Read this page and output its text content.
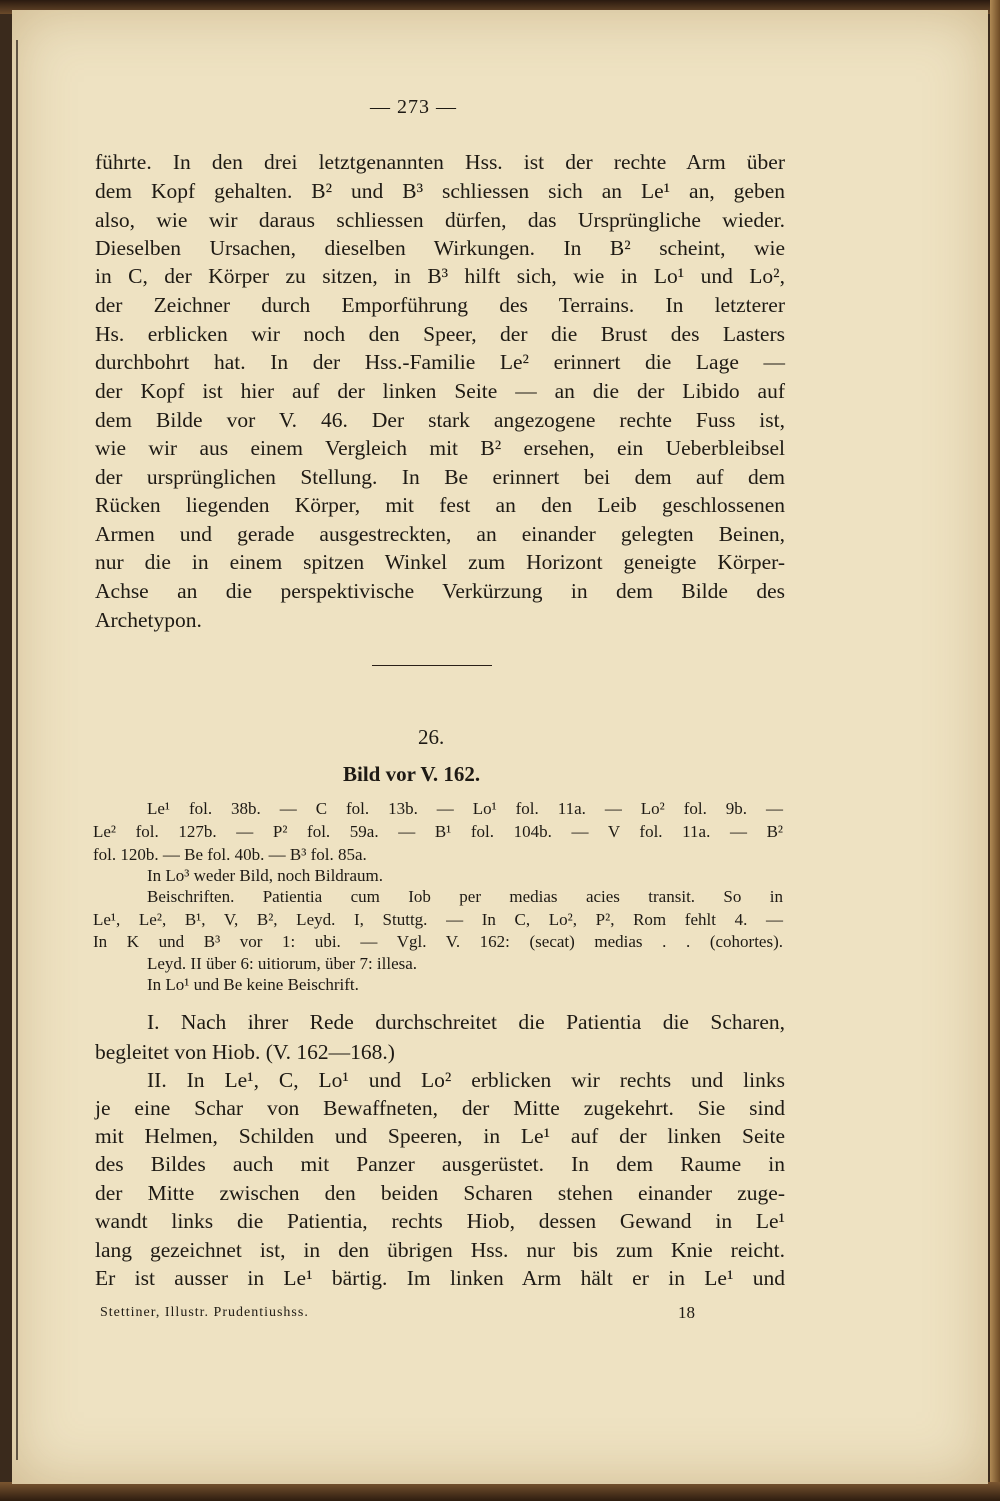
— 273 —
führte. In den drei letztgenannten Hss. ist der rechte Arm über
dem Kopf gehalten. B² und B³ schliessen sich an Le¹ an, geben
also, wie wir daraus schliessen dürfen, das Ursprüngliche wieder.
Dieselben Ursachen, dieselben Wirkungen. In B² scheint, wie
in C, der Körper zu sitzen, in B³ hilft sich, wie in Lo¹ und Lo²,
der Zeichner durch Emporführung des Terrains. In letzterer
Hs. erblicken wir noch den Speer, der die Brust des Lasters
durchbohrt hat. In der Hss.-Familie Le² erinnert die Lage —
der Kopf ist hier auf der linken Seite — an die der Libido auf
dem Bilde vor V. 46. Der stark angezogene rechte Fuss ist,
wie wir aus einem Vergleich mit B² ersehen, ein Ueberbleibsel
der ursprünglichen Stellung. In Be erinnert bei dem auf dem
Rücken liegenden Körper, mit fest an den Leib geschlossenen
Armen und gerade ausgestreckten, an einander gelegten Beinen,
nur die in einem spitzen Winkel zum Horizont geneigte Körper-
Achse an die perspektivische Verkürzung in dem Bilde des
Archetypon.
26.
Bild vor V. 162.
Le¹ fol. 38b. — C fol. 13b. — Lo¹ fol. 11a. — Lo² fol. 9b. —
Le² fol. 127b. — P² fol. 59a. — B¹ fol. 104b. — V fol. 11a. — B²
fol. 120b. — Be fol. 40b. — B³ fol. 85a.
In Lo³ weder Bild, noch Bildraum.
Beischriften. Patientia cum Iob per medias acies transit. So in
Le¹, Le², B¹, V, B², Leyd. I, Stuttg. — In C, Lo², P², Rom fehlt 4. —
In K und B³ vor 1: ubi. — Vgl. V. 162: (secat) medias . . (cohortes).
Leyd. II über 6: uitiorum, über 7: illesa.
In Lo¹ und Be keine Beischrift.
I. Nach ihrer Rede durchschreitet die Patientia die Scharen,
begleitet von Hiob. (V. 162—168.)
II. In Le¹, C, Lo¹ und Lo² erblicken wir rechts und links
je eine Schar von Bewaffneten, der Mitte zugekehrt. Sie sind
mit Helmen, Schilden und Speeren, in Le¹ auf der linken Seite
des Bildes auch mit Panzer ausgerüstet. In dem Raume in
der Mitte zwischen den beiden Scharen stehen einander zuge-
wandt links die Patientia, rechts Hiob, dessen Gewand in Le¹
lang gezeichnet ist, in den übrigen Hss. nur bis zum Knie reicht.
Er ist ausser in Le¹ bärtig. Im linken Arm hält er in Le¹ und
Stettiner, Illustr. Prudentiushss.	18
